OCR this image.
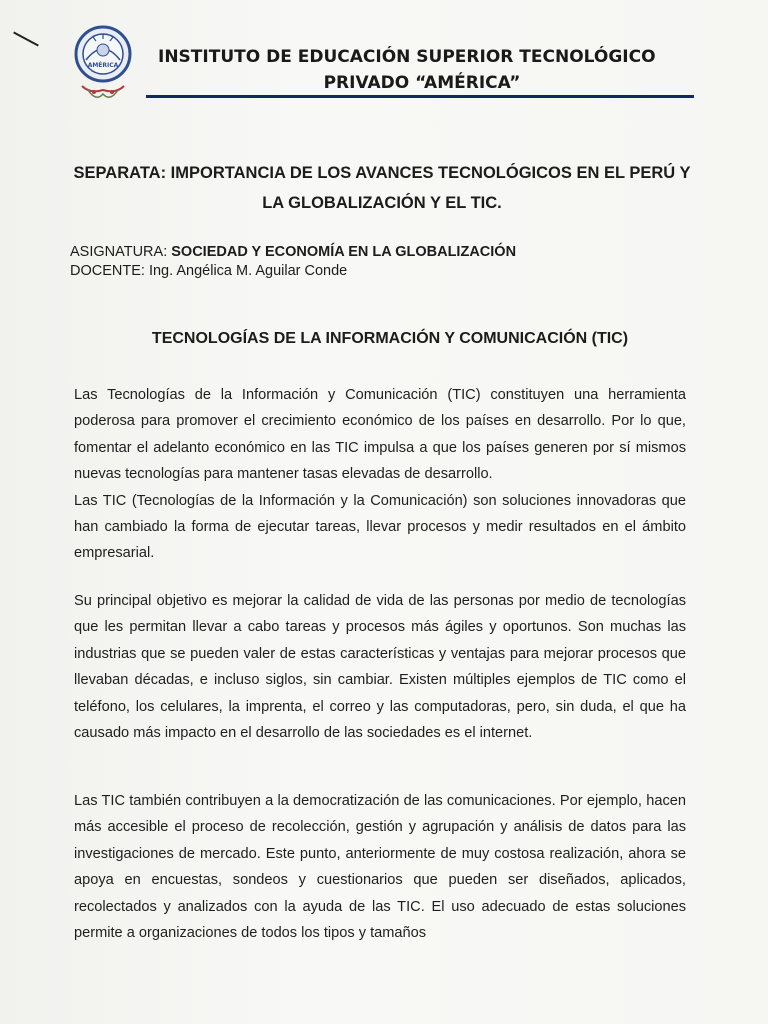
AMÉRICA	INSTITUTO DE EDUCACIÓN SUPERIOR TECNOLÓGICO
PRIVADO “AMÉRICA”
SEPARATA: IMPORTANCIA DE LOS AVANCES TECNOLÓGICOS EN EL PERÚ Y LA GLOBALIZACIÓN Y EL TIC.
ASIGNATURA: SOCIEDAD Y ECONOMÍA EN LA GLOBALIZACIÓN
DOCENTE: Ing. Angélica M. Aguilar Conde
TECNOLOGÍAS DE LA INFORMACIÓN Y COMUNICACIÓN (TIC)

Las Tecnologías de la Información y Comunicación (TIC) constituyen una herramienta poderosa para promover el crecimiento económico de los países en desarrollo. Por lo que, fomentar el adelanto económico en las TIC impulsa a que los países generen por sí mismos nuevas tecnologías para mantener tasas elevadas de desarrollo.

Las TIC (Tecnologías de la Información y la Comunicación) son soluciones innovadoras que han cambiado la forma de ejecutar tareas, llevar procesos y medir resultados en el ámbito empresarial.

Su principal objetivo es mejorar la calidad de vida de las personas por medio de tecnologías que les permitan llevar a cabo tareas y procesos más ágiles y oportunos. Son muchas las industrias que se pueden valer de estas características y ventajas para mejorar procesos que llevaban décadas, e incluso siglos, sin cambiar. Existen múltiples ejemplos de TIC como el teléfono, los celulares, la imprenta, el correo y las computadoras, pero, sin duda, el que ha causado más impacto en el desarrollo de las sociedades es el internet.

Las TIC también contribuyen a la democratización de las comunicaciones. Por ejemplo, hacen más accesible el proceso de recolección, gestión y agrupación y análisis de datos para las investigaciones de mercado. Este punto, anteriormente de muy costosa realización, ahora se apoya en encuestas, sondeos y cuestionarios que pueden ser diseñados, aplicados, recolectados y analizados con la ayuda de las TIC. El uso adecuado de estas soluciones permite a organizaciones de todos los tipos y tamaños
